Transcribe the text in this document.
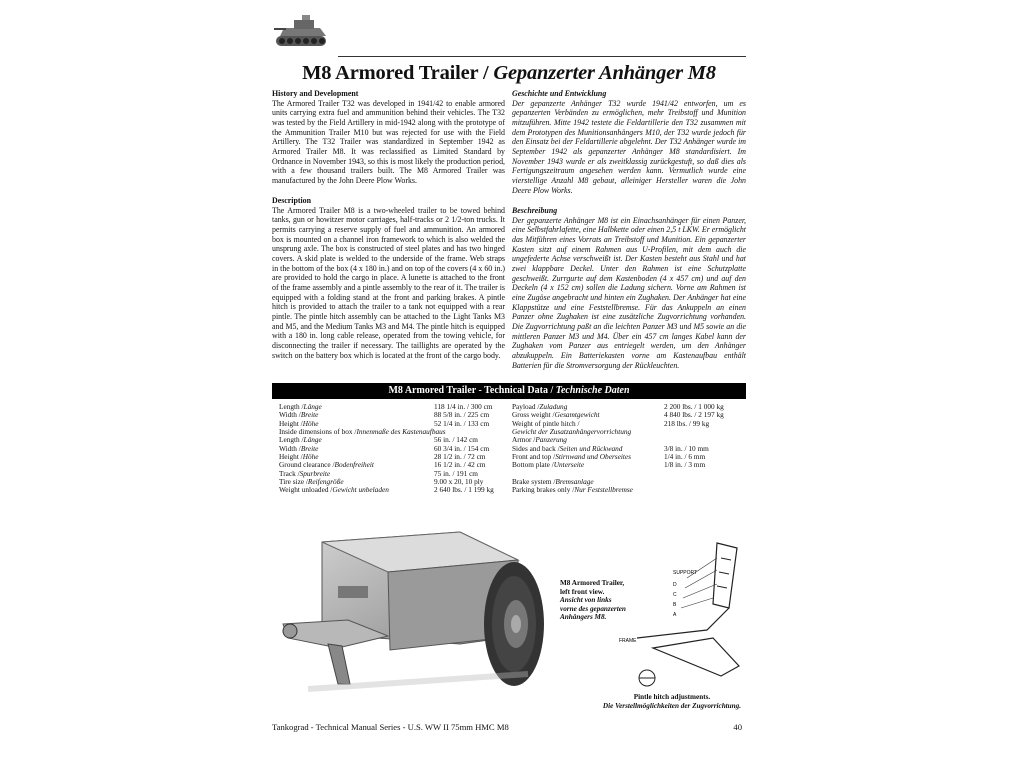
M8 Armored Trailer / Gepanzerter Anhänger M8

History and Development

The Armored Trailer T32 was developed in 1941/42 to enable armored units carrying extra fuel and ammunition behind their vehicles. The T32 was tested by the Field Artillery in mid-1942 along with the prototype of the Ammunition Trailer M10 but was rejected for use with the Field Artillery. The T32 Trailer was standardized in September 1942 as Armored Trailer M8. It was reclassified as Limited Standard by Ordnance in November 1943, so this is most likely the production period, with a few thousand trailers built. The M8 Armored Trailer was manufactured by the John Deere Plow Works.

Description

The Armored Trailer M8 is a two-wheeled trailer to be towed behind tanks, gun or howitzer motor carriages, half-tracks or 2 1/2-ton trucks. It permits carrying a reserve supply of fuel and ammunition. An armored box is mounted on a channel iron framework to which is also welded the unsprung axle. The box is constructed of steel plates and has two hinged covers. A skid plate is welded to the underside of the frame. Web straps in the bottom of the box (4 x 180 in.) and on top of the covers (4 x 60 in.) are provided to hold the cargo in place. A lunette is attached to the front of the frame assembly and a pintle assembly to the rear of it. The trailer is equipped with a folding stand at the front and parking brakes. A pintle hitch is provided to attach the trailer to a tank not equipped with a rear pintle. The pintle hitch assembly can be attached to the Light Tanks M3 and M5, and the Medium Tanks M3 and M4. The pintle hitch is equipped with a 180 in. long cable release, operated from the towing vehicle, for disconnecting the trailer if necessary. The taillights are operated by the switch on the battery box which is located at the front of the cargo body.

Geschichte und Entwicklung

Der gepanzerte Anhänger T32 wurde 1941/42 entworfen, um es gepanzerten Verbänden zu ermöglichen, mehr Treibstoff und Munition mitzuführen. Mitte 1942 testete die Feldartillerie den T32 zusammen mit dem Prototypen des Munitionsanhängers M10, der T32 wurde jedoch für den Einsatz bei der Feldartillerie abgelehnt. Der T32 Anhänger wurde im September 1942 als gepanzerter Anhänger M8 standardisiert. Im November 1943 wurde er als zweitklassig zurückgestuft, so daß dies als Fertigungszeitraum angesehen werden kann. Vermutlich wurde eine vierstellige Anzahl M8 gebaut, alleiniger Hersteller waren die John Deere Plow Works.

Beschreibung

Der gepanzerte Anhänger M8 ist ein Einachsanhänger für einen Panzer, eine Selbstfahrlafette, eine Halbkette oder einen 2,5 t LKW. Er ermöglicht das Mitführen eines Vorrats an Treibstoff und Munition. Ein gepanzerter Kasten sitzt auf einem Rahmen aus U-Profilen, mit dem auch die ungefederte Achse verschweißt ist. Der Kasten besteht aus Stahl und hat zwei klappbare Deckel. Unter den Rahmen ist eine Schutzplatte geschweißt. Zurrgurte auf dem Kastenboden (4 x 457 cm) und auf den Deckeln (4 x 152 cm) sollen die Ladung sichern. Vorne am Rahmen ist eine Zugöse angebracht und hinten ein Zughaken. Der Anhänger hat eine Klappstütze und eine Feststellbremse. Für das Ankuppeln an einen Panzer ohne Zughaken ist eine zusätzliche Zugvorrichtung vorhanden. Die Zugvorrichtung paßt an die leichten Panzer M3 und M5 sowie an die mittleren Panzer M3 und M4. Über ein 457 cm langes Kabel kann der Zughaken vom Panzer aus entriegelt werden, um den Anhänger abzukuppeln. Ein Batteriekasten vorne am Kastenaufbau enthält Batterien für die Stromversorgung der Rückleuchten.

M8 Armored Trailer - Technical Data / Technische Daten
Length /Länge	118 1/4 in. / 300 cm
Width /Breite	88 5/8 in. / 225 cm
Height /Höhe	52 1/4 in. / 133 cm
Inside dimensions of box /Innenmaße des Kastenaufbaus
Length /Länge	56 in. / 142 cm
Width /Breite	60 3/4 in. / 154 cm
Height /Höhe	28 1/2 in. / 72 cm
Ground clearance /Bodenfreiheit	16 1/2 in. / 42 cm
Track /Spurbreite	75 in. / 191 cm
Tire size /Reifengröße	9.00 x 20, 10 ply
Weight unloaded /Gewicht unbeladen	2 640 lbs. / 1 199 kg
Payload /Zuladung	2 200 lbs. / 1 000 kg
Gross weight /Gesamtgewicht	4 840 lbs. / 2 197 kg
Weight of pintle hitch /	218 lbs. / 99 kg
Gewicht der Zusatzanhängervorrichtung
Armor /Panzerung
Sides and back /Seiten und Rückwand	3/8 in. / 10 mm
Front and top /Stirnwand und Oberseites	1/4 in. / 6 mm
Bottom plate /Unterseite	1/8 in. / 3 mm

Brake system /Bremsanlage
Parking brakes only /Nur Feststellbremse
M8 Armored Trailer, left front view.
Ansicht von links vorne des gepanzerten Anhängers M8.
SUPPORT
D
C
B
A
FRAME
Pintle hitch adjustments.
Die Verstellmöglichkeiten der Zugvorrichtung.
Tankograd - Technical Manual Series - U.S. WW II 75mm HMC M8	40
